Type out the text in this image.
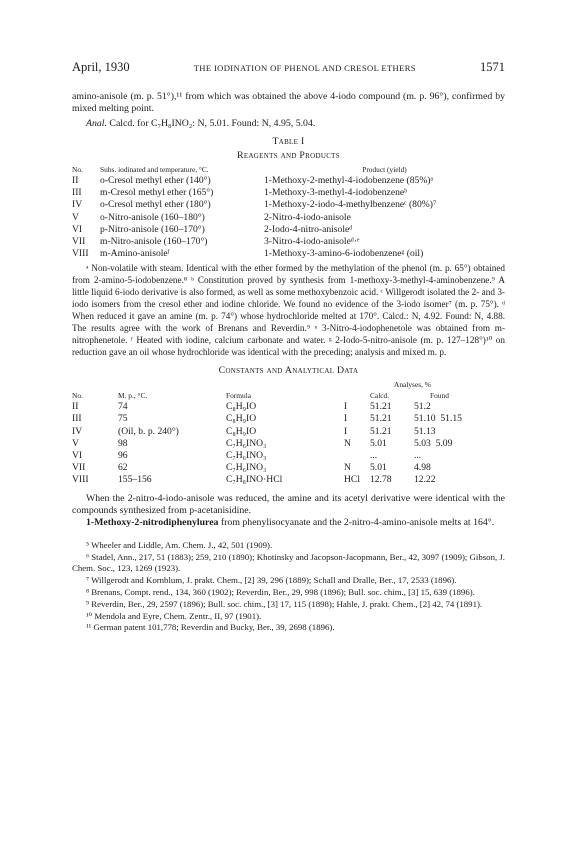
April, 1930	THE IODINATION OF PHENOL AND CRESOL ETHERS	1571

amino-anisole (m. p. 51°),¹¹ from which was obtained the above 4-iodo compound (m. p. 96°), confirmed by mixed melting point.

Anal. Calcd. for C₇H₈INO₂: N, 5.01. Found: N, 4.95, 5.04.

Table I

Reagents and Products

No.	Subs. iodinated and temperature, °C.	Product (yield)
II	o-Cresol methyl ether (140°)	1-Methoxy-2-methyl-4-iodobenzene (85%)ᵃ
III	m-Cresol methyl ether (165°)	1-Methoxy-3-methyl-4-iodobenzeneᵇ
IV	o-Cresol methyl ether (180°)	1-Methoxy-2-iodo-4-methylbenzeneᶜ (80%)⁷
V	o-Nitro-anisole (160–180°)	2-Nitro-4-iodo-anisole
VI	p-Nitro-anisole (160–170°)	2-Iodo-4-nitro-anisoleᵈ
VII	m-Nitro-anisole (160–170°)	3-Nitro-4-iodo-anisoleᵈ·ᵉ
VIII	m-Amino-anisoleᶠ	1-Methoxy-3-amino-6-iodobenzeneᵍ (oil)

ᵃ Non-volatile with steam. Identical with the ether formed by the methylation of the phenol (m. p. 65°) obtained from 2-amino-5-iodobenzene.⁸ ᵇ Constitution proved by synthesis from 1-methoxy-3-methyl-4-aminobenzene.⁹ A little liquid 6-iodo derivative is also formed, as well as some methoxybenzoic acid. ᶜ Willgerodt isolated the 2- and 3-iodo isomers from the cresol ether and iodine chloride. We found no evidence of the 3-iodo isomer⁷ (m. p. 75°). ᵈ When reduced it gave an amine (m. p. 74°) whose hydrochloride melted at 170°. Calcd.: N, 4.92. Found: N, 4.88. The results agree with the work of Brenans and Reverdin.⁹ ᵉ 3-Nitro-4-iodophenetole was obtained from m-nitrophenetole. ᶠ Heated with iodine, calcium carbonate and water. ᵍ 2-Iodo-5-nitro-anisole (m. p. 127–128°)¹⁰ on reduction gave an oil whose hydrochloride was identical with the preceding; analysis and mixed m. p.

Constants and Analytical Data

No.	M. p., °C.	Formula		Analyses, %
Calcd. Found	

II	74	C₈H₉IO	I	51.21	51.2
III	75	C₈H₉IO	I	51.21	51.10  51.15
IV	(Oil, b. p. 240°)	C₈H₉IO	I	51.21	51.13
V	98	C₇H₆INO₃	N	5.01	5.03  5.09
VI	96	C₇H₆INO₃		...	...
VII	62	C₇H₆INO₃	N	5.01	4.98
VIII	155–156	C₇H₈INO·HCl	HCl	12.78	12.22

When the 2-nitro-4-iodo-anisole was reduced, the amine and its acetyl derivative were identical with the compounds synthesized from p-acetanisidine.

1-Methoxy-2-nitrodiphenylurea from phenylisocyanate and the 2-nitro-4-amino-anisole melts at 164°.

⁵ Wheeler and Liddle, Am. Chem. J., 42, 501 (1909).

⁶ Stadel, Ann., 217, 51 (1883); 259, 210 (1890); Khotinsky and Jacopson-Jacopmann, Ber., 42, 3097 (1909); Gibson, J. Chem. Soc., 123, 1269 (1923).

⁷ Willgerodt and Kornblum, J. prakt. Chem., [2] 39, 296 (1889); Schall and Dralle, Ber., 17, 2533 (1896).

⁸ Brenans, Compt. rend., 134, 360 (1902); Reverdin, Ber., 29, 998 (1896); Bull. soc. chim., [3] 15, 639 (1896).

⁹ Reverdin, Ber., 29, 2597 (1896); Bull. soc. chim., [3] 17, 115 (1898); Hahle, J. prakt. Chem., [2] 42, 74 (1891).

¹⁰ Mendola and Eyre, Chem. Zentr., II, 97 (1901).

¹¹ German patent 101,778; Reverdin and Bucky, Ber., 39, 2698 (1896).
